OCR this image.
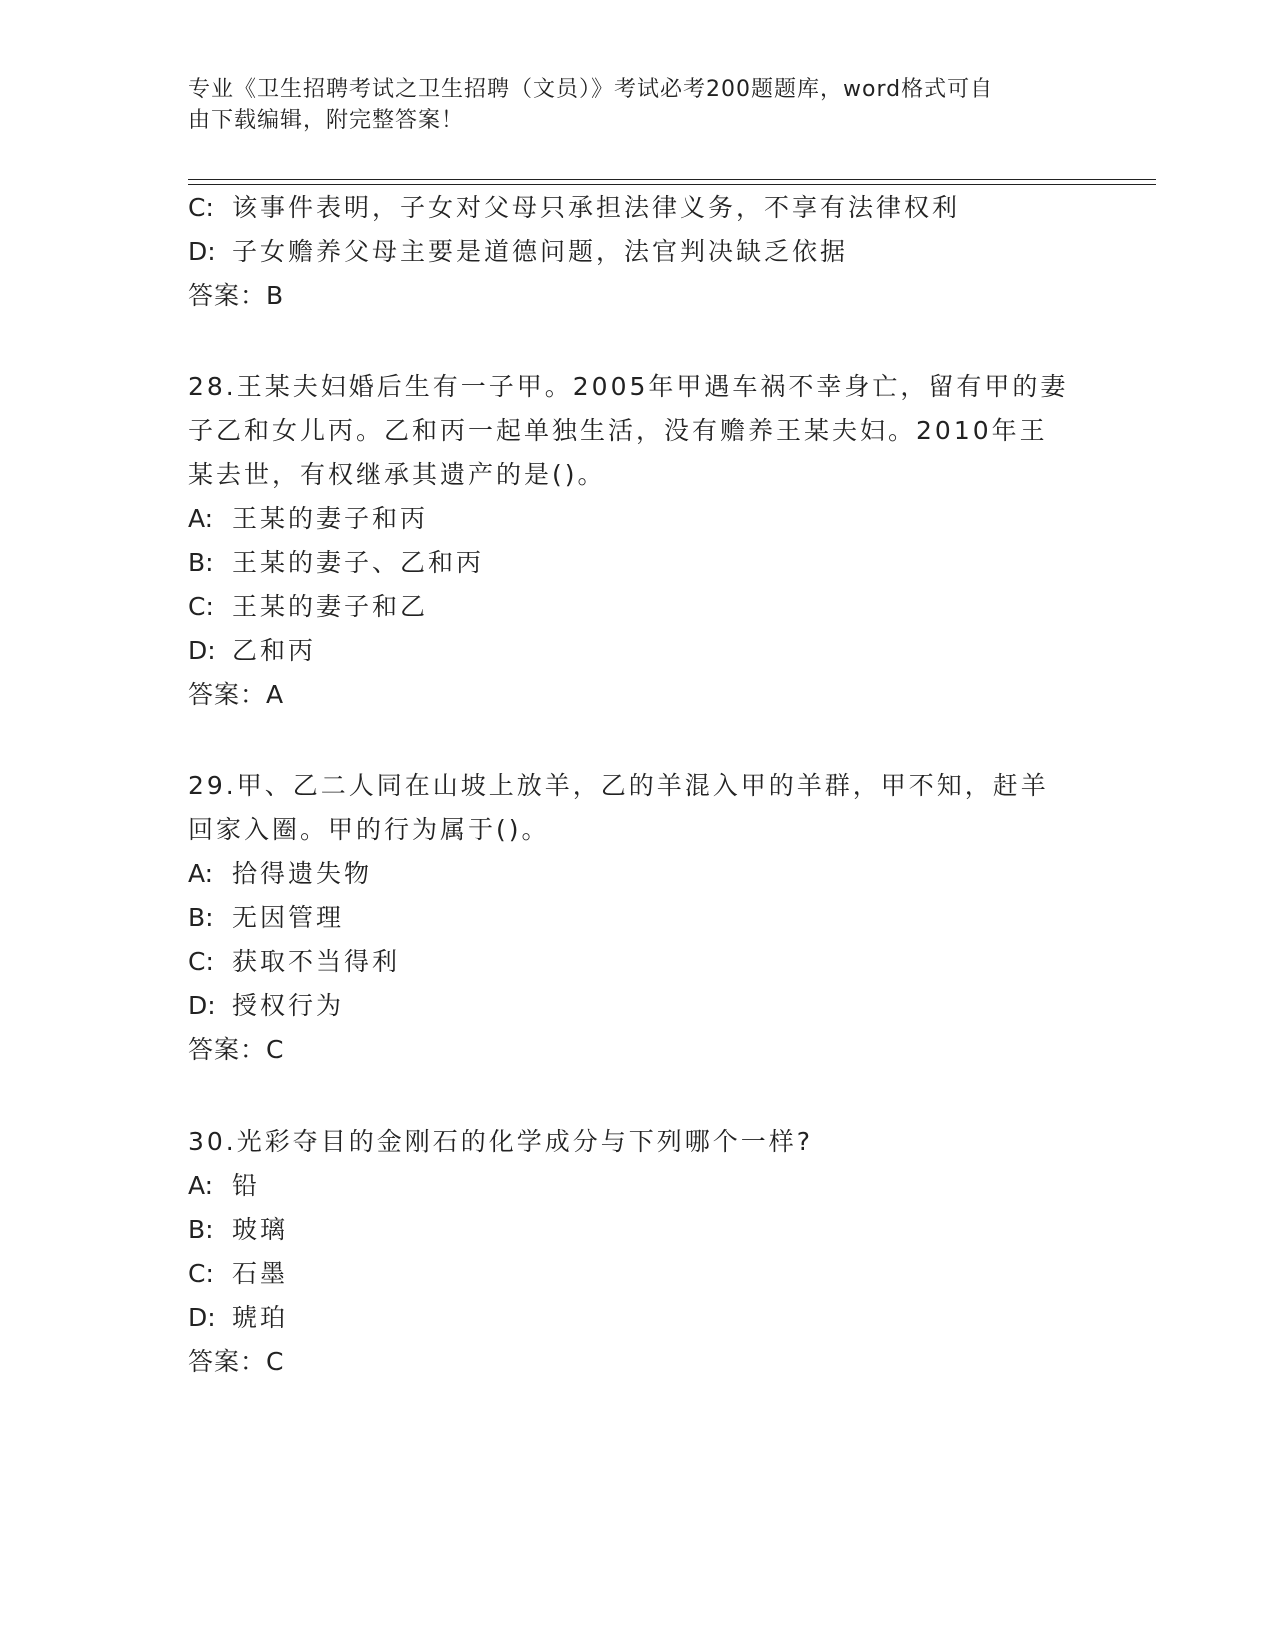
专业《卫生招聘考试之卫生招聘（文员）》考试必考200题题库，word格式可自
由下载编辑，附完整答案！
C: 该事件表明，子女对父母只承担法律义务，不享有法律权利
D: 子女赡养父母主要是道德问题，法官判决缺乏依据
答案：B
28.王某夫妇婚后生有一子甲。2005年甲遇车祸不幸身亡，留有甲的妻
子乙和女儿丙。乙和丙一起单独生活，没有赡养王某夫妇。2010年王
某去世，有权继承其遗产的是()。
A: 王某的妻子和丙
B: 王某的妻子、乙和丙
C: 王某的妻子和乙
D: 乙和丙
答案：A
29.甲、乙二人同在山坡上放羊，乙的羊混入甲的羊群，甲不知，赶羊
回家入圈。甲的行为属于()。
A: 拾得遗失物
B: 无因管理
C: 获取不当得利
D: 授权行为
答案：C
30.光彩夺目的金刚石的化学成分与下列哪个一样?
A: 铅
B: 玻璃
C: 石墨
D: 琥珀
答案：C
